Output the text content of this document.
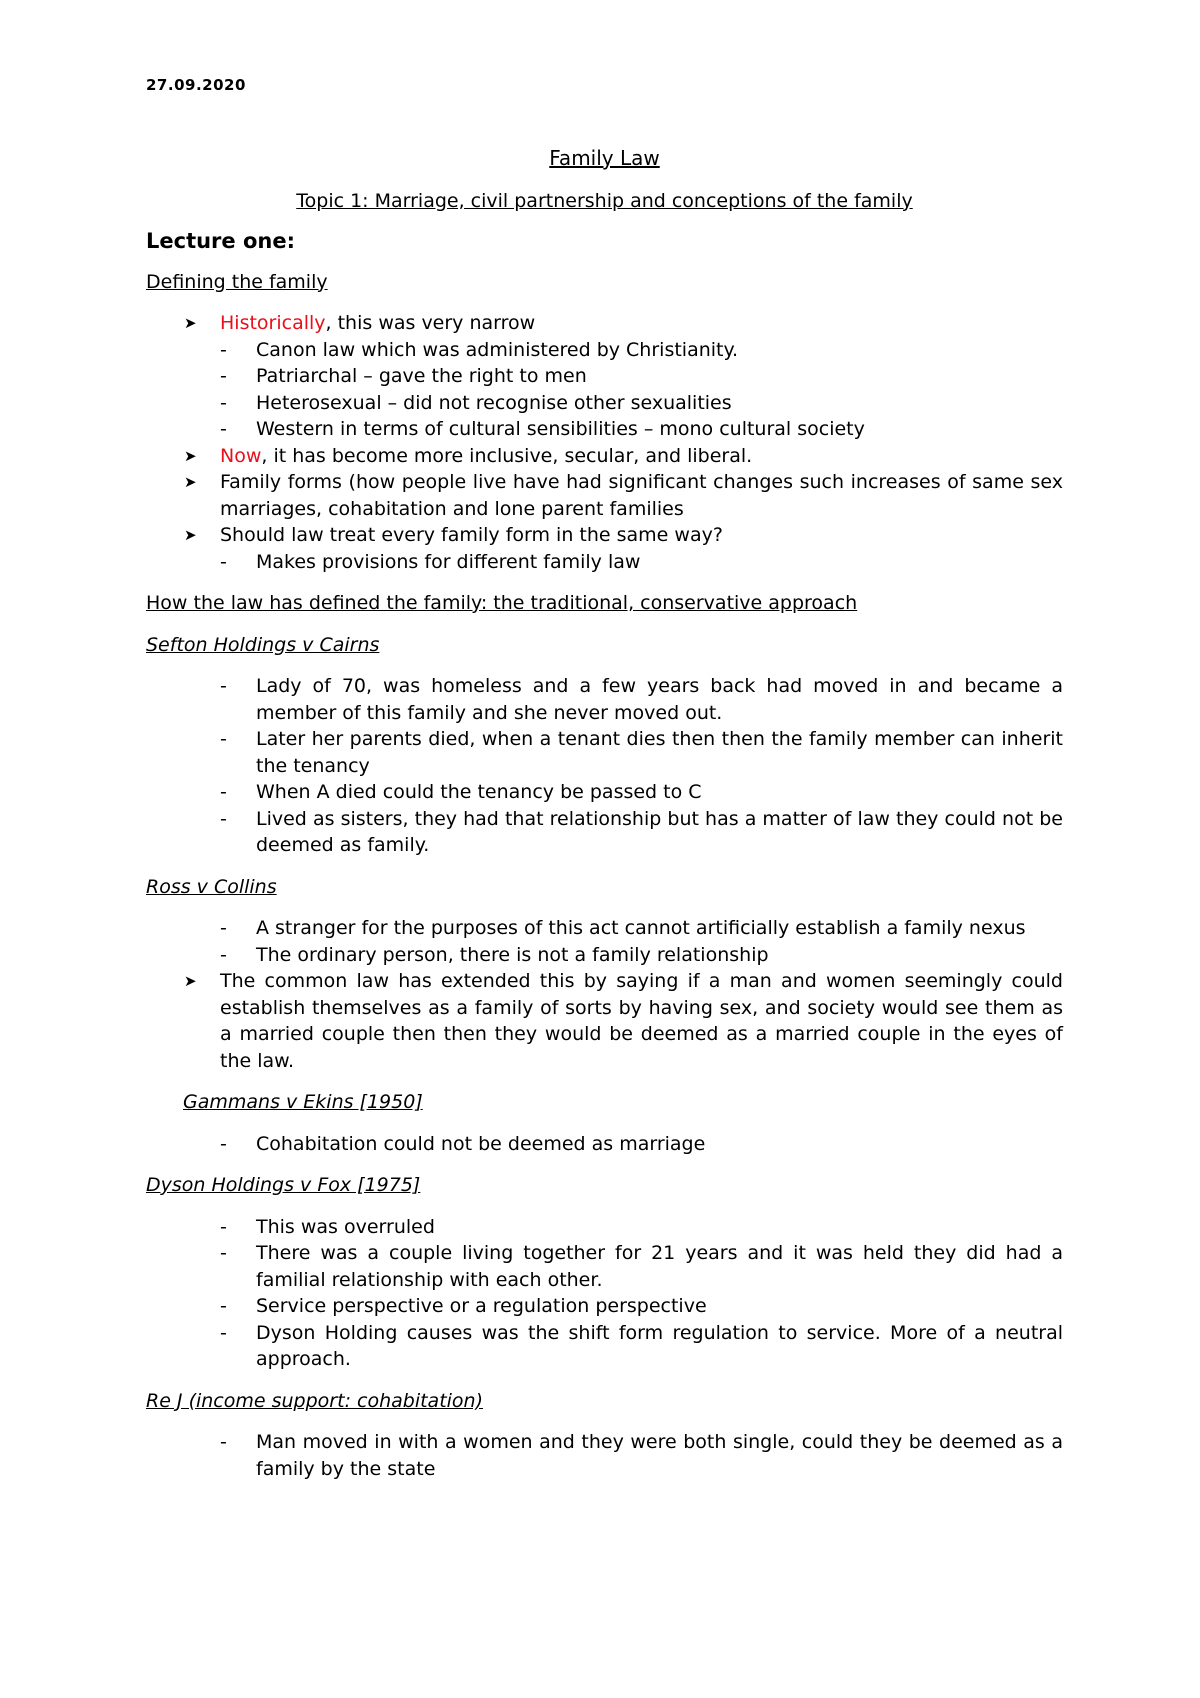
27.09.2020
Family Law
Topic 1: Marriage, civil partnership and conceptions of the family
Lecture one:
Defining the family
➤ Historically, this was very narrow
- Canon law which was administered by Christianity.
- Patriarchal – gave the right to men
- Heterosexual – did not recognise other sexualities
- Western in terms of cultural sensibilities – mono cultural society
➤ Now, it has become more inclusive, secular, and liberal.
➤ Family forms (how people live have had significant changes such increases of same sex marriages, cohabitation and lone parent families
➤ Should law treat every family form in the same way?
- Makes provisions for different family law
How the law has defined the family: the traditional, conservative approach
Sefton Holdings v Cairns
- Lady of 70, was homeless and a few years back had moved in and became a member of this family and she never moved out.
- Later her parents died, when a tenant dies then then the family member can inherit the tenancy
- When A died could the tenancy be passed to C
- Lived as sisters, they had that relationship but has a matter of law they could not be deemed as family.
Ross v Collins
- A stranger for the purposes of this act cannot artificially establish a family nexus
- The ordinary person, there is not a family relationship
➤ The common law has extended this by saying if a man and women seemingly could establish themselves as a family of sorts by having sex, and society would see them as a married couple then then they would be deemed as a married couple in the eyes of the law.
Gammans v Ekins [1950]
- Cohabitation could not be deemed as marriage
Dyson Holdings v Fox [1975]
- This was overruled
- There was a couple living together for 21 years and it was held they did had a familial relationship with each other.
- Service perspective or a regulation perspective
- Dyson Holding causes was the shift form regulation to service. More of a neutral approach.
Re J (income support: cohabitation)
- Man moved in with a women and they were both single, could they be deemed as a family by the state
